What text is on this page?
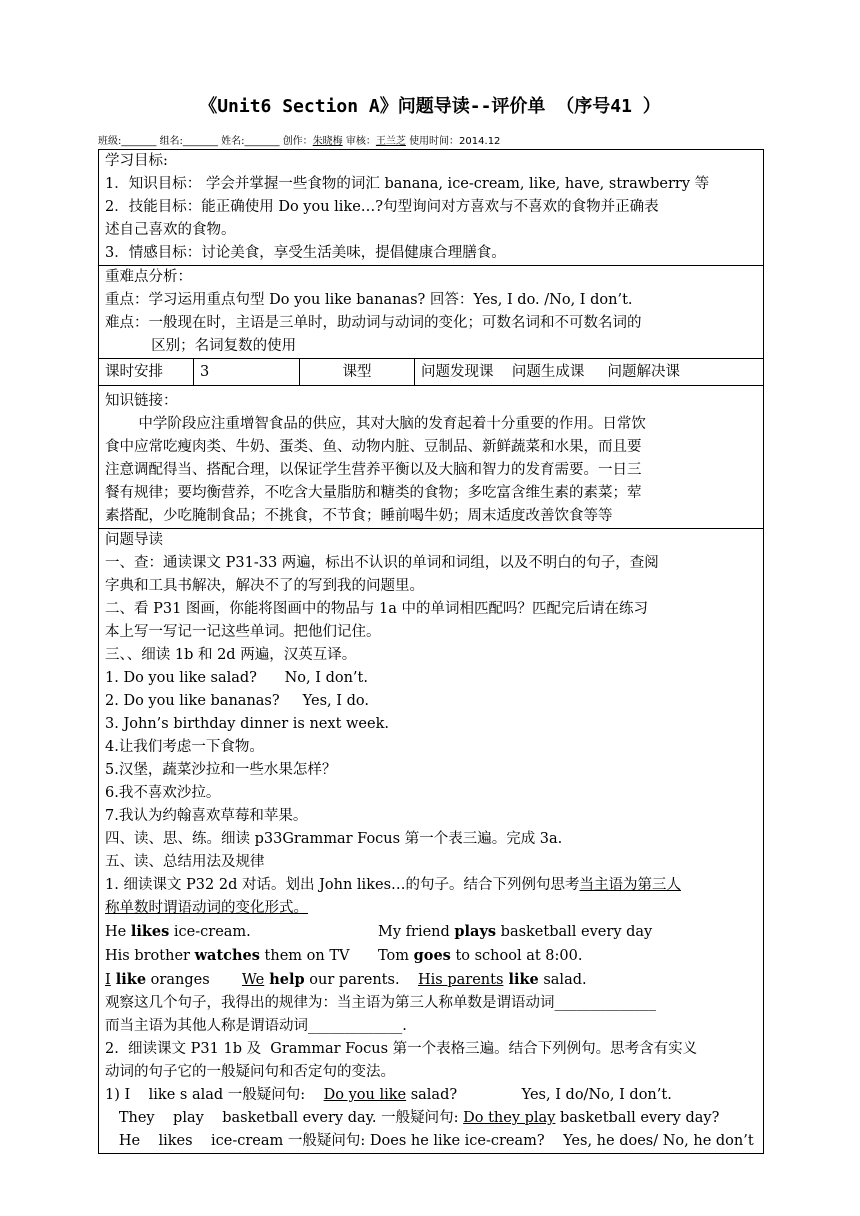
《Unit6 Section A》问题导读--评价单 （序号41 ）
班级:_______ 组名:_______ 姓名:_______ 创作：朱晓梅 审核：王兰芝 使用时间：2014.12
学习目标:
1．知识目标： 学会并掌握一些食物的词汇 banana, ice-cream, like, have, strawberry 等
2．技能目标：能正确使用 Do you like…?句型询问对方喜欢与不喜欢的食物并正确表
述自己喜欢的食物。
3．情感目标：讨论美食，享受生活美味，提倡健康合理膳食。

重难点分析：
重点：学习运用重点句型 Do you like bananas? 回答：Yes, I do. /No, I don’t.
难点：一般现在时，主语是三单时，助动词与动词的变化；可数名词和不可数名词的
区别；名词复数的使用

课时安排	3	课型	问题发现课    问题生成课     问题解决课

知识链接：
中学阶段应注重增智食品的供应，其对大脑的发育起着十分重要的作用。日常饮
食中应常吃瘦肉类、牛奶、蛋类、鱼、动物内脏、豆制品、新鲜蔬菜和水果，而且要
注意调配得当、搭配合理，以保证学生营养平衡以及大脑和智力的发育需要。一日三
餐有规律；要均衡营养，不吃含大量脂肪和糖类的食物；多吃富含维生素的素菜；荤
素搭配，少吃腌制食品；不挑食，不节食；睡前喝牛奶；周末适度改善饮食等等

问题导读
一、查：通读课文 P31-33 两遍，标出不认识的单词和词组，以及不明白的句子，查阅
字典和工具书解决，解决不了的写到我的问题里。
二、看 P31 图画，你能将图画中的物品与 1a 中的单词相匹配吗？匹配完后请在练习
本上写一写记一记这些单词。把他们记住。
三、、细读 1b 和 2d 两遍，汉英互译。
1. Do you like salad?      No, I don’t.
2. Do you like bananas?     Yes, I do.
3. John’s birthday dinner is next week.
4.让我们考虑一下食物。
5.汉堡，蔬菜沙拉和一些水果怎样？
6.我不喜欢沙拉。
7.我认为约翰喜欢草莓和苹果。
四、读、思、练。细读 p33Grammar Focus 第一个表三遍。完成 3a.
五、读、总结用法及规律
1. 细读课文 P32 2d 对话。划出 John likes…的句子。结合下列例句思考当主语为第三人
称单数时谓语动词的变化形式。
He likes ice-cream.	My friend plays basketball every day
His brother watches them on TV	Tom goes to school at 8:00.
I like oranges       We help our parents.    His parents like salad.
观察这几个句子，我得出的规律为：当主语为第三人称单数是谓语动词______________
而当主语为其他人称是谓语动词_____________.
2.  细读课文 P31 1b 及  Grammar Focus 第一个表格三遍。结合下列例句。思考含有实义
动词的句子它的一般疑问句和否定句的变法。
1) I    like s alad 一般疑问句:    Do you like salad?              Yes, I do/No, I don’t.
They    play    basketball every day. 一般疑问句: Do they play basketball every day?
He    likes    ice-cream 一般疑问句: Does he like ice-cream?    Yes, he does/ No, he don’t
